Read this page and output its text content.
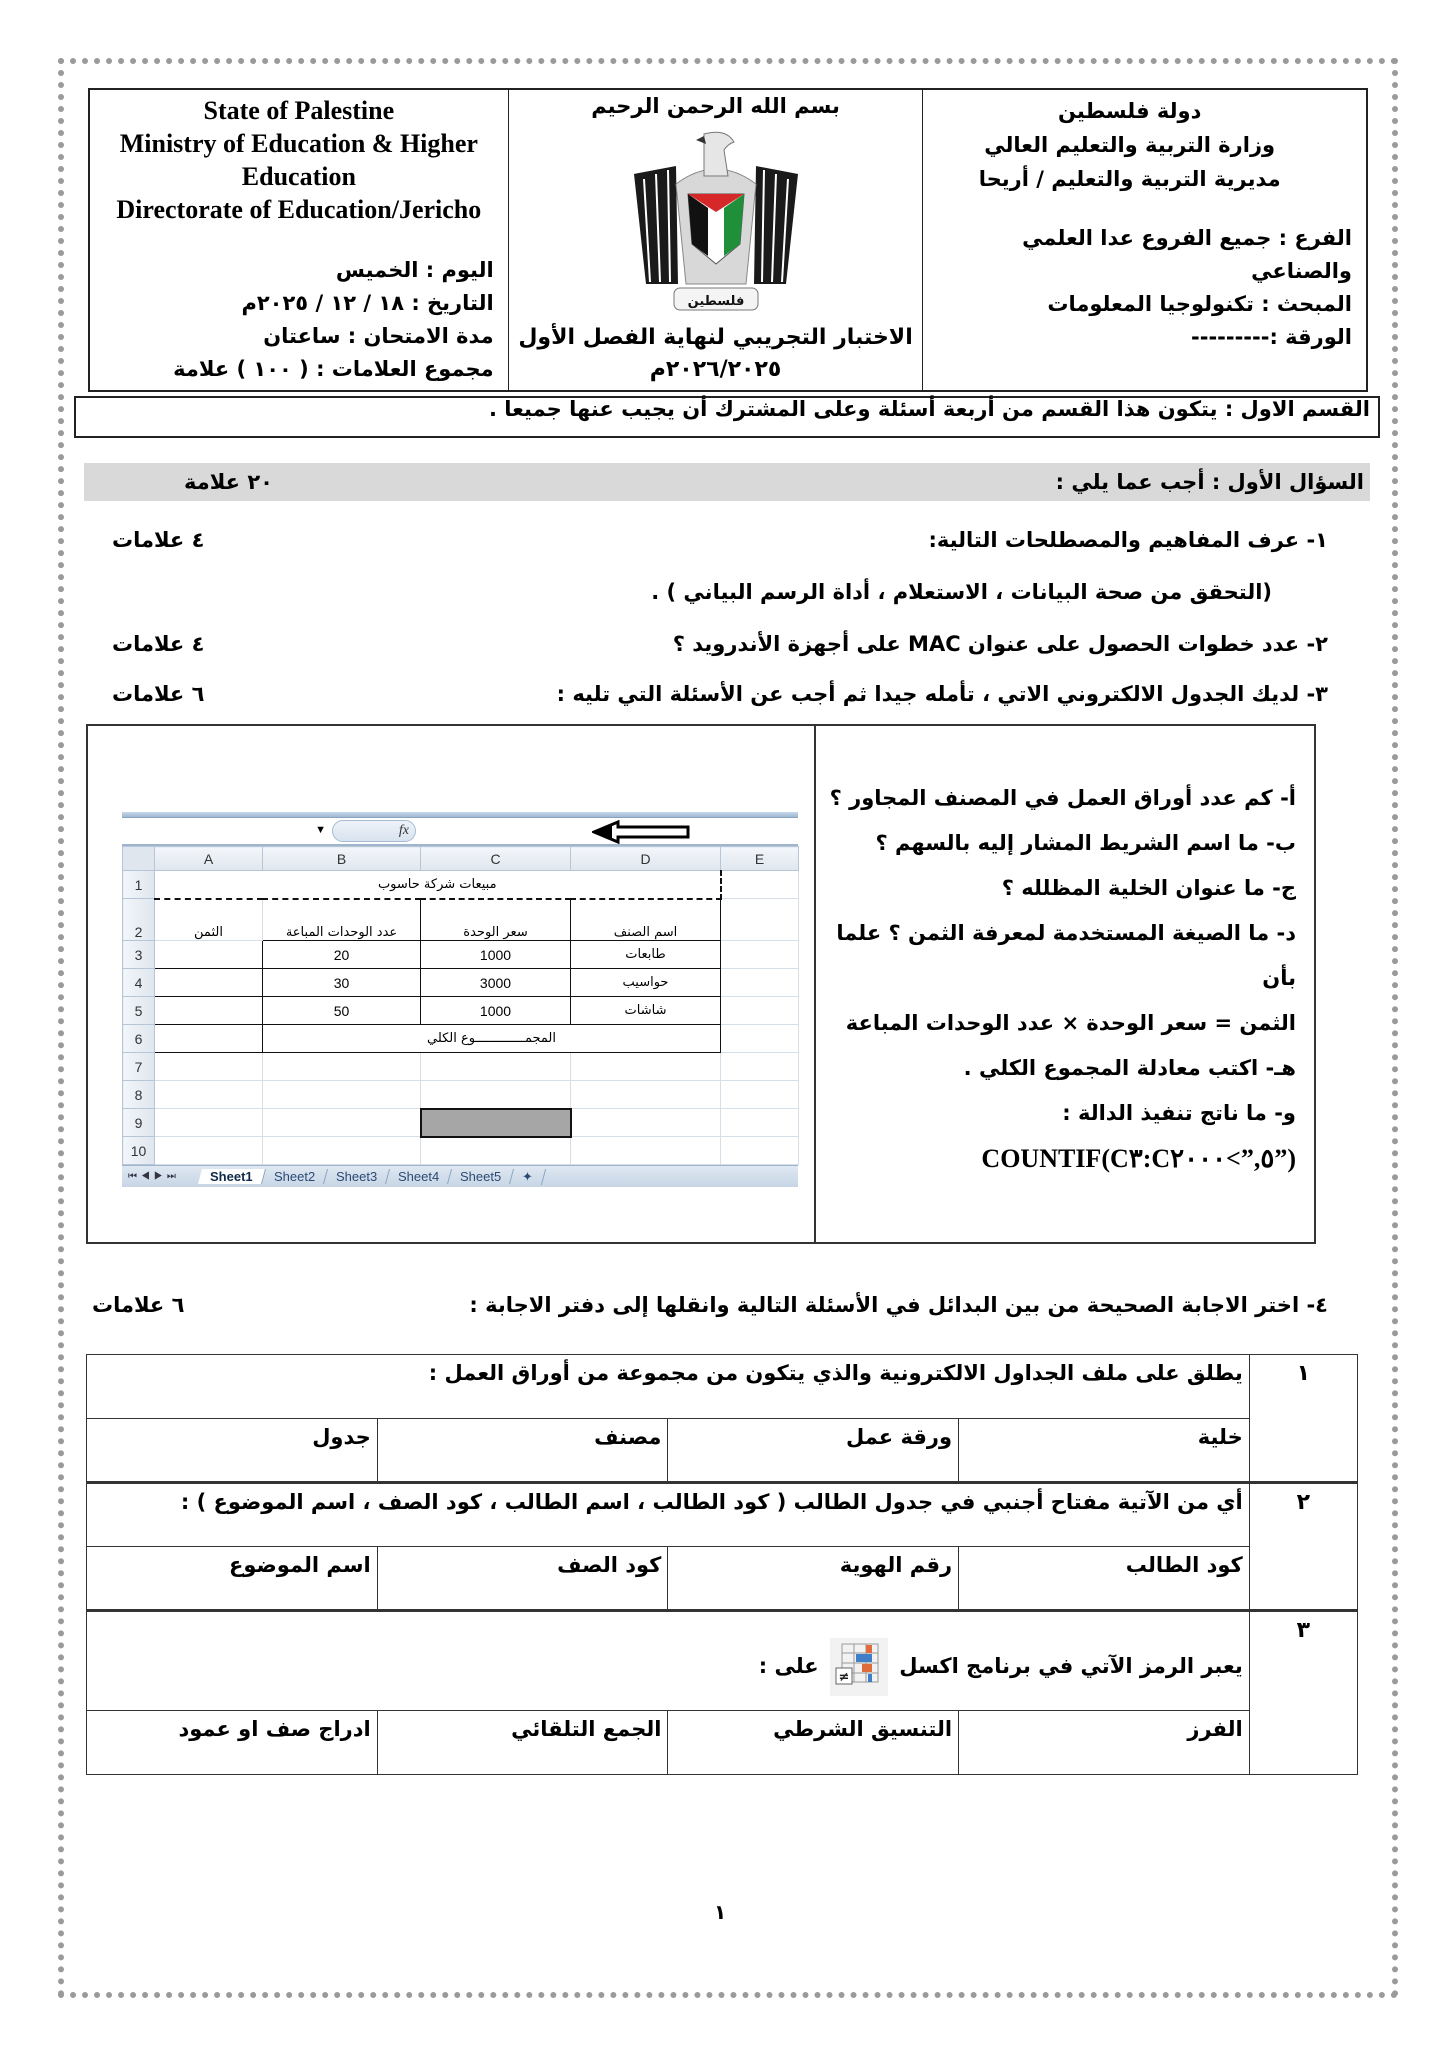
State of Palestine
Ministry of Education & Higher
Education
Directorate of Education/Jericho
اليوم : الخميس
التاريخ : ١٨ / ١٢ / ٢٠٢٥م
مدة الامتحان : ساعتان
مجموع العلامات : ( ١٠٠ ) علامة
بسم الله الرحمن الرحيم
فلسطين
الاختبار التجريبي لنهاية الفصل الأول
٢٠٢٦/٢٠٢٥م
دولة فلسطين
وزارة التربية والتعليم العالي
مديرية التربية والتعليم / أريحا
الفرع : جميع الفروع عدا العلمي
والصناعي
المبحث : تكنولوجيا المعلومات
الورقة :---------
القسم الاول : يتكون هذا القسم من أربعة أسئلة وعلى المشترك أن يجيب عنها جميعا .
السؤال الأول : أجب عما يلي :
٢٠ علامة
١- عرف المفاهيم والمصطلحات التالية:
٤ علامات
(التحقق من صحة البيانات ، الاستعلام ، أداة الرسم البياني ) .
٢- عدد خطوات الحصول على عنوان MAC على أجهزة الأندرويد ؟
٤ علامات
٣- لديك الجدول الالكتروني الاتي ، تأمله جيدا ثم أجب عن الأسئلة التي تليه :
٦ علامات
▼	fx
	A	B	C	D	E
1	مبيعات شركة حاسوب				
2	الثمن	عدد الوحدات المباعة	سعر الوحدة	اسم الصنف	
3		20	1000	طابعات	
4		30	3000	حواسيب	
5		50	1000	شاشات	
6		المجمـــــــــــــوع الكلي			
7					
8					
9					
10					
⏮◀▶⏭	Sheet1	Sheet2	Sheet3	Sheet4	Sheet5	✦
أ- كم عدد أوراق العمل في المصنف المجاور ؟
ب- ما اسم الشريط المشار إليه بالسهم ؟
ج- ما عنوان الخلية المظلله ؟
د- ما الصيغة المستخدمة لمعرفة الثمن ؟ علما بأن
الثمن = سعر الوحدة × عدد الوحدات المباعة
هـ- اكتب معادلة المجموع الكلي .
و- ما ناتج تنفيذ الدالة :
COUNTIF(C٣:C٥,”>٢٠٠٠”)
٤- اختر الاجابة الصحيحة من بين البدائل في الأسئلة التالية وانقلها إلى دفتر الاجابة :
٦ علامات
١	يطلق على ملف الجداول الالكترونية والذي يتكون من مجموعة من أوراق العمل :			
	خلية	ورقة عمل	مصنف	جدول
٢	أي من الآتية مفتاح أجنبي في جدول الطالب ( كود الطالب ، اسم الطالب ، كود الصف ، اسم الموضوع ) :			
	كود الطالب	رقم الهوية	كود الصف	اسم الموضوع
٣	يعبر الرمز الآتي في برنامج اكسل
≠
على :			
	الفرز	التنسيق الشرطي	الجمع التلقائي	ادراج صف او عمود
١
